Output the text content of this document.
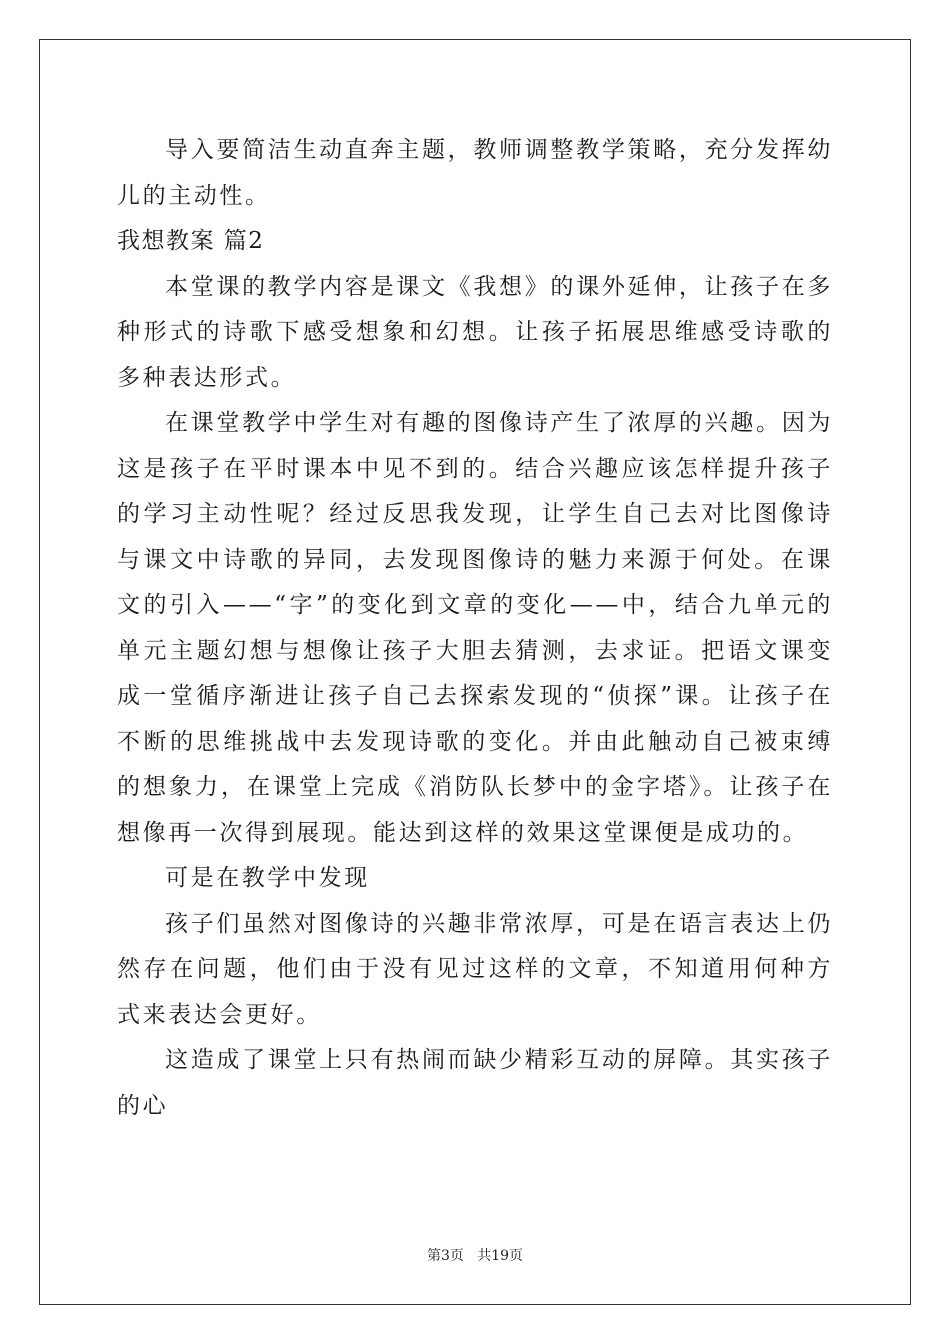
导入要简洁生动直奔主题，教师调整教学策略，充分发挥幼儿的主动性。

我想教案 篇2

本堂课的教学内容是课文《我想》的课外延伸，让孩子在多种形式的诗歌下感受想象和幻想。让孩子拓展思维感受诗歌的多种表达形式。

在课堂教学中学生对有趣的图像诗产生了浓厚的兴趣。因为这是孩子在平时课本中见不到的。结合兴趣应该怎样提升孩子的学习主动性呢？经过反思我发现，让学生自己去对比图像诗与课文中诗歌的异同，去发现图像诗的魅力来源于何处。在课文的引入——“字”的变化到文章的变化——中，结合九单元的单元主题幻想与想像让孩子大胆去猜测，去求证。把语文课变成一堂循序渐进让孩子自己去探索发现的“侦探”课。让孩子在不断的思维挑战中去发现诗歌的变化。并由此触动自己被束缚的想象力，在课堂上完成《消防队长梦中的金字塔》。让孩子在想像再一次得到展现。能达到这样的效果这堂课便是成功的。

可是在教学中发现

孩子们虽然对图像诗的兴趣非常浓厚，可是在语言表达上仍然存在问题，他们由于没有见过这样的文章，不知道用何种方式来表达会更好。

这造成了课堂上只有热闹而缺少精彩互动的屏障。其实孩子的心

第3页   共19页
